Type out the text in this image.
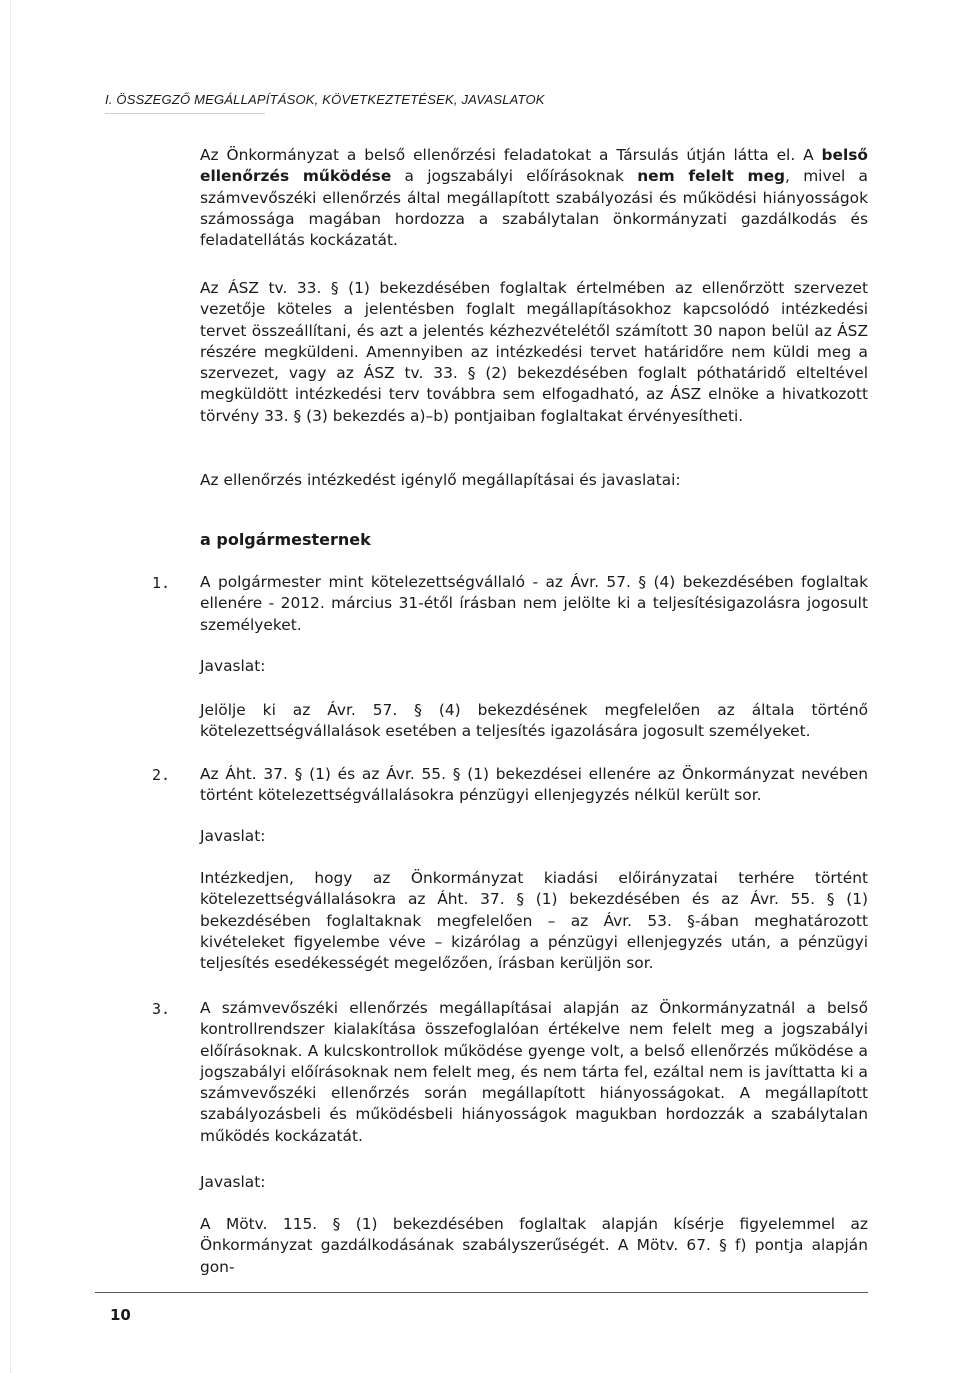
I. ÖSSZEGZŐ MEGÁLLAPÍTÁSOK, KÖVETKEZTETÉSEK, JAVASLATOK

Az Önkormányzat a belső ellenőrzési feladatokat a Társulás útján látta el. A belső ellenőrzés működése a jogszabályi előírásoknak nem felelt meg, mivel a számvevőszéki ellenőrzés által megállapított szabályozási és működési hiányosságok számossága magában hordozza a szabálytalan önkormányzati gazdálkodás és feladatellátás kockázatát.

Az ÁSZ tv. 33. § (1) bekezdésében foglaltak értelmében az ellenőrzött szervezet vezetője köteles a jelentésben foglalt megállapításokhoz kapcsolódó intézkedési tervet összeállítani, és azt a jelentés kézhezvételétől számított 30 napon belül az ÁSZ részére megküldeni. Amennyiben az intézkedési tervet határidőre nem küldi meg a szervezet, vagy az ÁSZ tv. 33. § (2) bekezdésében foglalt póthatáridő elteltével megküldött intézkedési terv továbbra sem elfogadható, az ÁSZ elnöke a hivatkozott törvény 33. § (3) bekezdés a)–b) pontjaiban foglaltakat érvényesítheti.

Az ellenőrzés intézkedést igénylő megállapításai és javaslatai:

a polgármesternek
1. A polgármester mint kötelezettségvállaló - az Ávr. 57. § (4) bekezdésében foglaltak ellenére - 2012. március 31-étől írásban nem jelölte ki a teljesítésigazolásra jogosult személyeket.

Javaslat:

Jelölje ki az Ávr. 57. § (4) bekezdésének megfelelően az általa történő kötelezettségvállalások esetében a teljesítés igazolására jogosult személyeket.

2. Az Áht. 37. § (1) és az Ávr. 55. § (1) bekezdései ellenére az Önkormányzat nevében történt kötelezettségvállalásokra pénzügyi ellenjegyzés nélkül került sor.

Javaslat:

Intézkedjen, hogy az Önkormányzat kiadási előirányzatai terhére történt kötelezettségvállalásokra az Áht. 37. § (1) bekezdésében és az Ávr. 55. § (1) bekezdésében foglaltaknak megfelelően – az Ávr. 53. §-ában meghatározott kivételeket figyelembe véve – kizárólag a pénzügyi ellenjegyzés után, a pénzügyi teljesítés esedékességét megelőzően, írásban kerüljön sor.

3. A számvevőszéki ellenőrzés megállapításai alapján az Önkormányzatnál a belső kontrollrendszer kialakítása összefoglalóan értékelve nem felelt meg a jogszabályi előírásoknak. A kulcskontrollok működése gyenge volt, a belső ellenőrzés működése a jogszabályi előírásoknak nem felelt meg, és nem tárta fel, ezáltal nem is javíttatta ki a számvevőszéki ellenőrzés során megállapított hiányosságokat. A megállapított szabályozásbeli és működésbeli hiányosságok magukban hordozzák a szabálytalan működés kockázatát.

Javaslat:

A Mötv. 115. § (1) bekezdésében foglaltak alapján kísérje figyelemmel az Önkormányzat gazdálkodásának szabályszerűségét. A Mötv. 67. § f) pontja alapján gon-

10
